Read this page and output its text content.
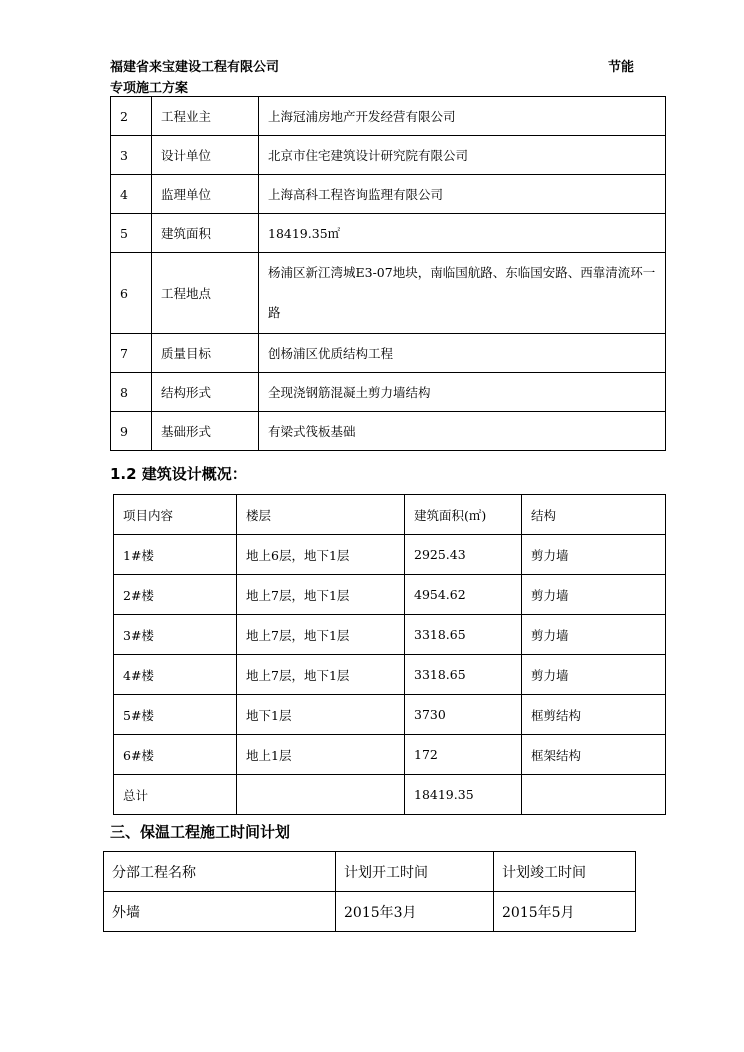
福建省来宝建设工程有限公司	节能
专项施工方案
2	工程业主	上海冠浦房地产开发经营有限公司
3	设计单位	北京市住宅建筑设计研究院有限公司
4	监理单位	上海高科工程咨询监理有限公司
5	建筑面积	18419.35㎡
6	工程地点	杨浦区新江湾城E3-07地块，南临国航路、东临国安路、西靠清流环一路
7	质量目标	创杨浦区优质结构工程
8	结构形式	全现浇钢筋混凝土剪力墙结构
9	基础形式	有梁式筏板基础
1.2 建筑设计概况：
项目内容	楼层	建筑面积(㎡)	结构
1#楼	地上6层，地下1层	2925.43	剪力墙
2#楼	地上7层，地下1层	4954.62	剪力墙
3#楼	地上7层，地下1层	3318.65	剪力墙
4#楼	地上7层，地下1层	3318.65	剪力墙
5#楼	地下1层	3730	框剪结构
6#楼	地上1层	172	框架结构
总计		18419.35	
三、保温工程施工时间计划
分部工程名称	计划开工时间	计划竣工时间
外墙	2015年3月	2015年5月
